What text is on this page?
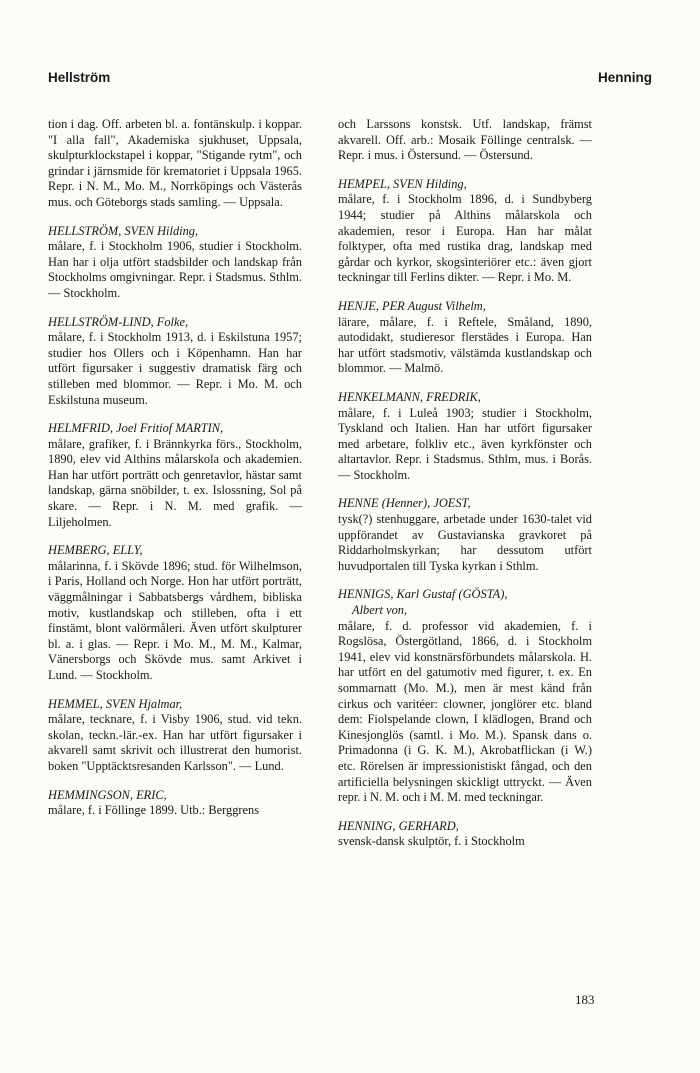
Hellström	Henning

tion i dag. Off. arbeten bl. a. fontänskulp. i koppar. "I alla fall", Akademiska sjukhuset, Uppsala, skulpturklockstapel i koppar, "Stigande rytm", och grindar i järnsmide för krematoriet i Uppsala 1965. Repr. i N. M., Mo. M., Norrköpings och Västerås mus. och Göteborgs stads samling. — Uppsala.

HELLSTRÖM, SVEN Hilding,
målare, f. i Stockholm 1906, studier i Stockholm. Han har i olja utfört stadsbilder och landskap från Stockholms omgivningar. Repr. i Stadsmus. Sthlm. — Stockholm.
HELLSTRÖM-LIND, Folke,
målare, f. i Stockholm 1913, d. i Eskilstuna 1957; studier hos Ollers och i Köpenhamn. Han har utfört figursaker i suggestiv dramatisk färg och stilleben med blommor. — Repr. i Mo. M. och Eskilstuna museum.
HELMFRID, Joel Fritiof MARTIN,
målare, grafiker, f. i Brännkyrka förs., Stockholm, 1890, elev vid Althins målarskola och akademien. Han har utfört porträtt och genretavlor, hästar samt landskap, gärna snöbilder, t. ex. Islossning, Sol på skare. — Repr. i N. M. med grafik. — Liljeholmen.
HEMBERG, ELLY,
målarinna, f. i Skövde 1896; stud. för Wilhelmson, i Paris, Holland och Norge. Hon har utfört porträtt, väggmålningar i Sabbatsbergs vårdhem, bibliska motiv, kustlandskap och stilleben, ofta i ett finstämt, blont valörmåleri. Även utfört skulpturer bl. a. i glas. — Repr. i Mo. M., M. M., Kalmar, Vänersborgs och Skövde mus. samt Arkivet i Lund. — Stockholm.
HEMMEL, SVEN Hjalmar,
målare, tecknare, f. i Visby 1906, stud. vid tekn. skolan, teckn.-lär.-ex. Han har utfört figursaker i akvarell samt skrivit och illustrerat den humorist. boken "Upptäcktsresanden Karlsson". — Lund.
HEMMINGSON, ERIC,
målare, f. i Föllinge 1899. Utb.: Berggrens

och Larssons konstsk. Utf. landskap, främst akvarell. Off. arb.: Mosaik Föllinge centralsk. — Repr. i mus. i Östersund. — Östersund.

HEMPEL, SVEN Hilding,
målare, f. i Stockholm 1896, d. i Sundbyberg 1944; studier på Althins målarskola och akademien, resor i Europa. Han har målat folktyper, ofta med rustika drag, landskap med gårdar och kyrkor, skogsinteriörer etc.: även gjort teckningar till Ferlins dikter. — Repr. i Mo. M.
HENJE, PER August Vilhelm,
lärare, målare, f. i Reftele, Småland, 1890, autodidakt, studieresor flerstädes i Europa. Han har utfört stadsmotiv, välstämda kustlandskap och blommor. — Malmö.
HENKELMANN, FREDRIK,
målare, f. i Luleå 1903; studier i Stockholm, Tyskland och Italien. Han har utfört figursaker med arbetare, folkliv etc., även kyrkfönster och altartavlor. Repr. i Stadsmus. Sthlm, mus. i Borås. — Stockholm.
HENNE (Henner), JOEST,
tysk(?) stenhuggare, arbetade under 1630-talet vid uppförandet av Gustavianska gravkoret på Riddarholmskyrkan; har dessutom utfört huvudportalen till Tyska kyrkan i Sthlm.
HENNIGS, Karl Gustaf (GÖSTA),
Albert von,
målare, f. d. professor vid akademien, f. i Rogslösa, Östergötland, 1866, d. i Stockholm 1941, elev vid konstnärsförbundets målarskola. H. har utfört en del gatumotiv med figurer, t. ex. En sommarnatt (Mo. M.), men är mest känd från cirkus och varitéer: clowner, jonglörer etc. bland dem: Fiolspelande clown, I klädlogen, Brand och Kinesjonglös (samtl. i Mo. M.). Spansk dans o. Primadonna (i G. K. M.), Akrobatflickan (i W.) etc. Rörelsen är impressionistiskt fångad, och den artificiella belysningen skickligt uttryckt. — Även repr. i N. M. och i M. M. med teckningar.
HENNING, GERHARD,
svensk-dansk skulptör, f. i Stockholm
183
